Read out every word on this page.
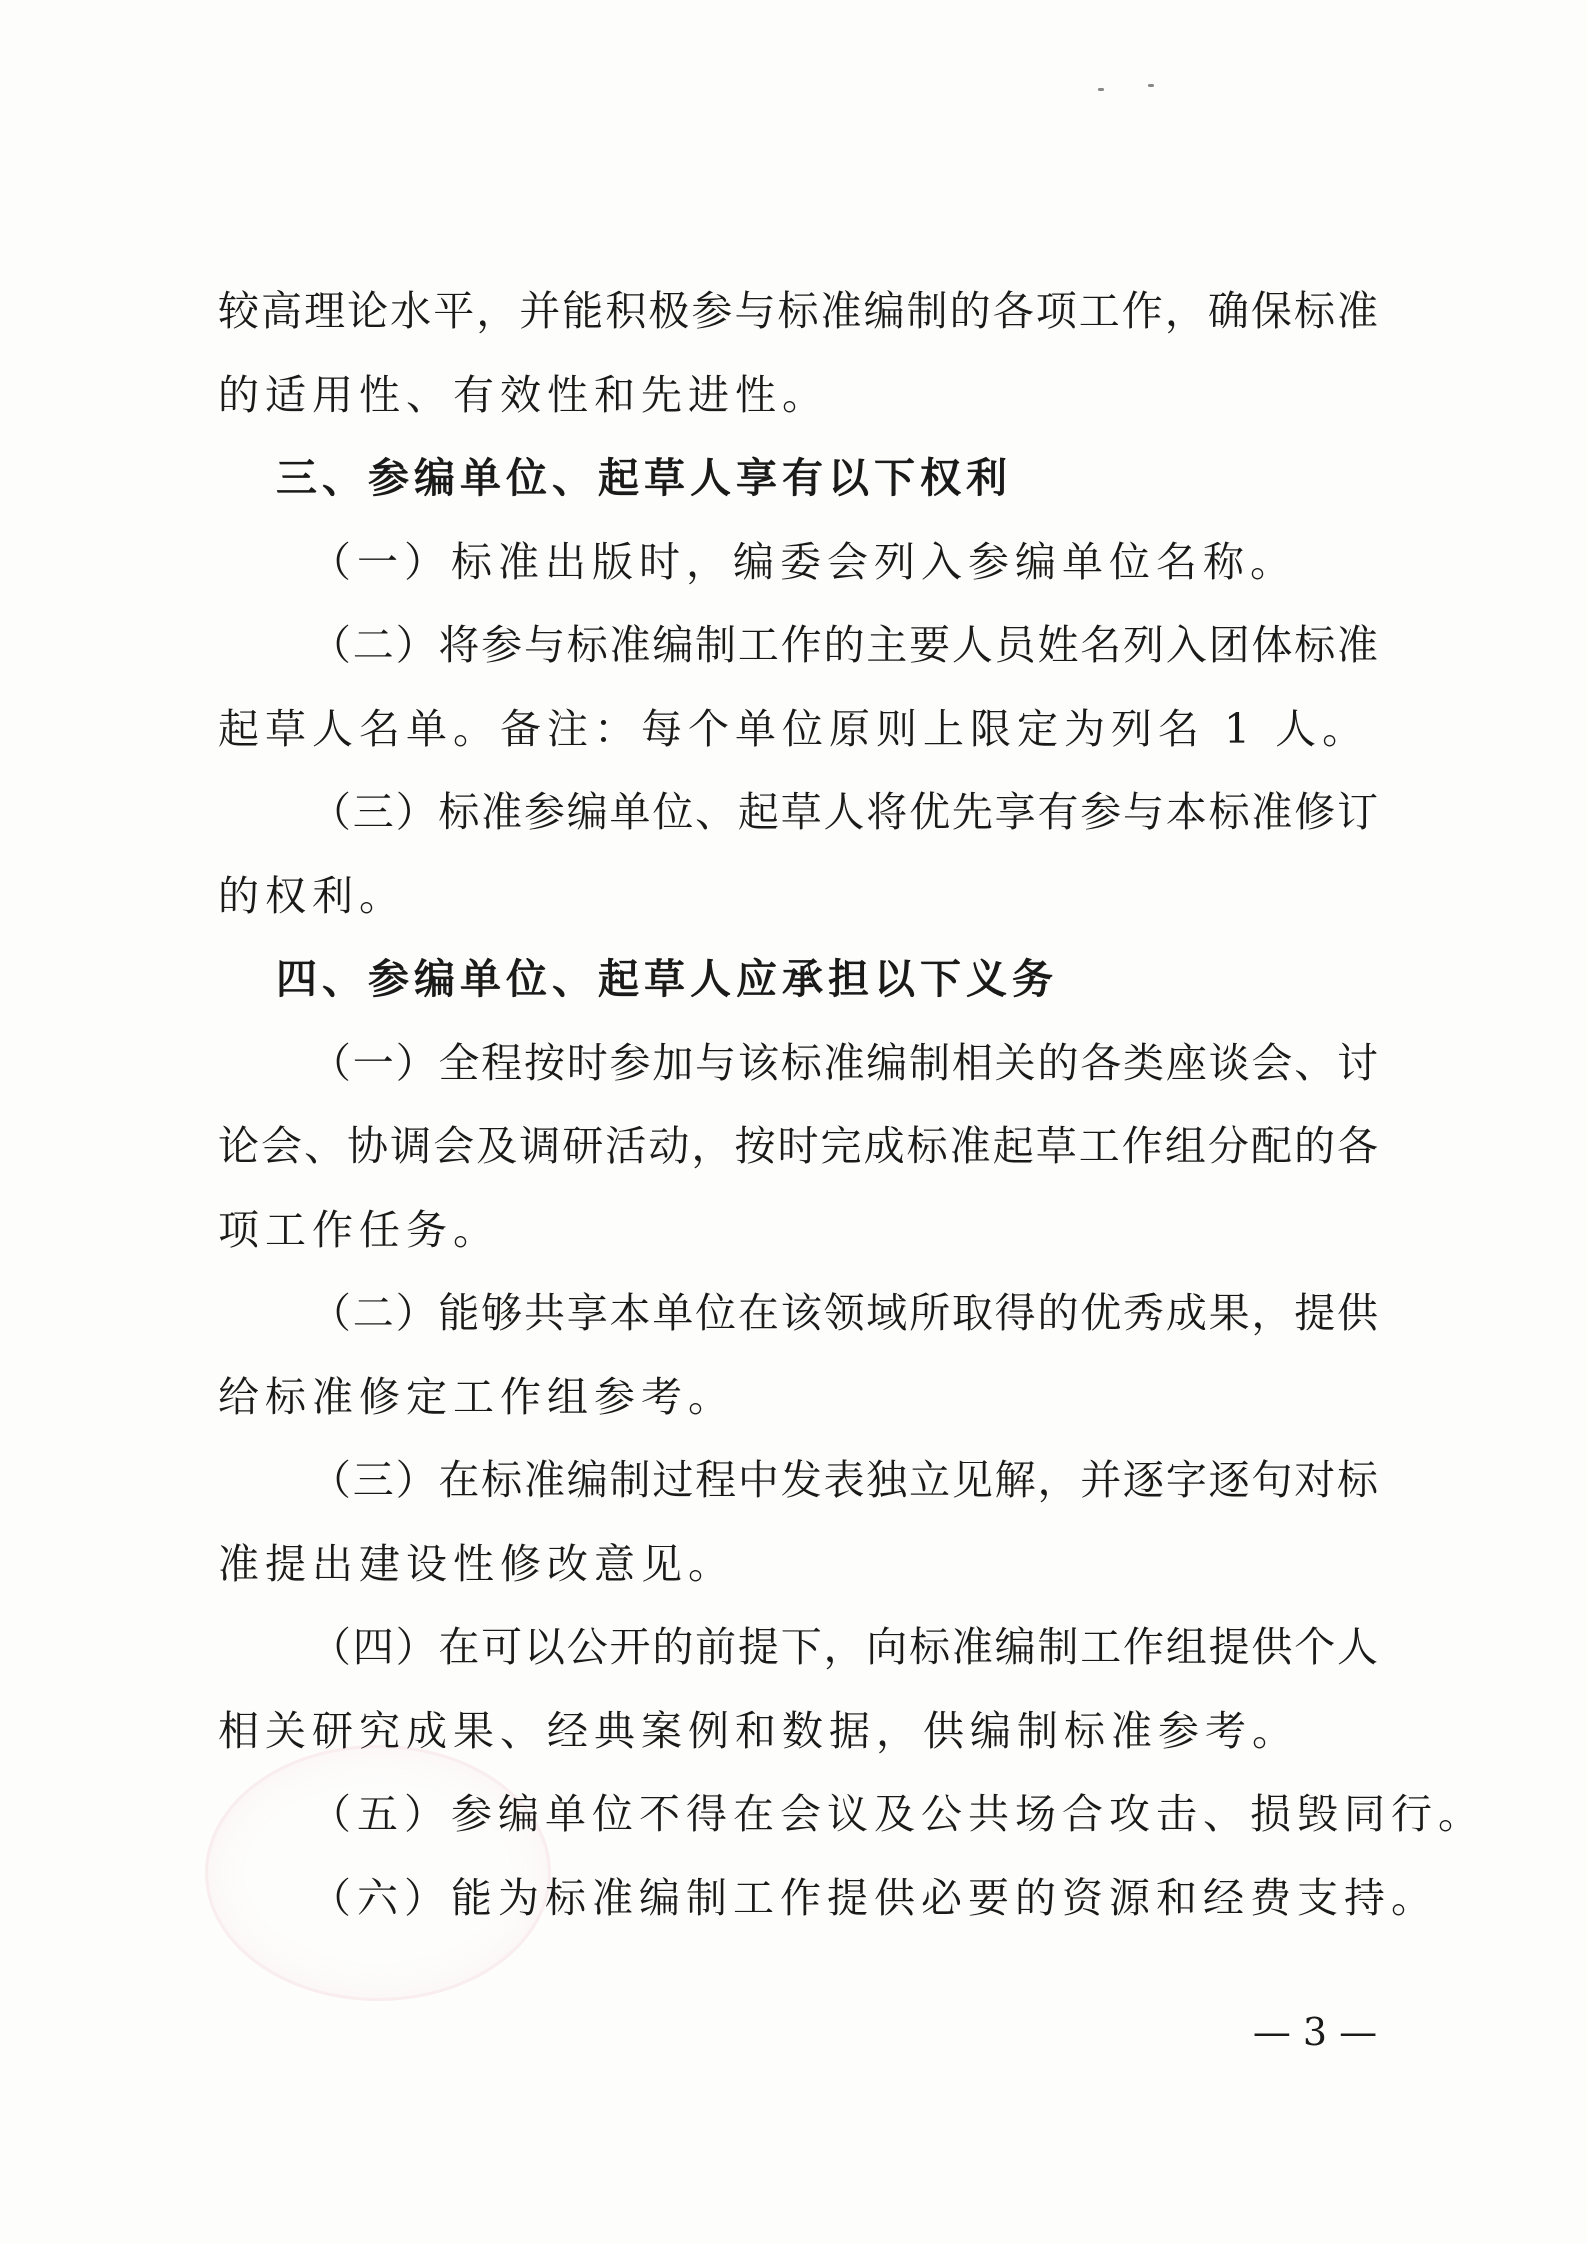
较高理论水平，并能积极参与标准编制的各项工作，确保标准
的适用性、有效性和先进性。
三、参编单位、起草人享有以下权利
（一）标准出版时，编委会列入参编单位名称。
（二）将参与标准编制工作的主要人员姓名列入团体标准
起草人名单。备注：每个单位原则上限定为列名 1 人。
（三）标准参编单位、起草人将优先享有参与本标准修订
的权利。
四、参编单位、起草人应承担以下义务
（一）全程按时参加与该标准编制相关的各类座谈会、讨
论会、协调会及调研活动，按时完成标准起草工作组分配的各
项工作任务。
（二）能够共享本单位在该领域所取得的优秀成果，提供
给标准修定工作组参考。
（三）在标准编制过程中发表独立见解，并逐字逐句对标
准提出建设性修改意见。
（四）在可以公开的前提下，向标准编制工作组提供个人
相关研究成果、经典案例和数据，供编制标准参考。
（五）参编单位不得在会议及公共场合攻击、损毁同行。
（六）能为标准编制工作提供必要的资源和经费支持。
— 3 —
